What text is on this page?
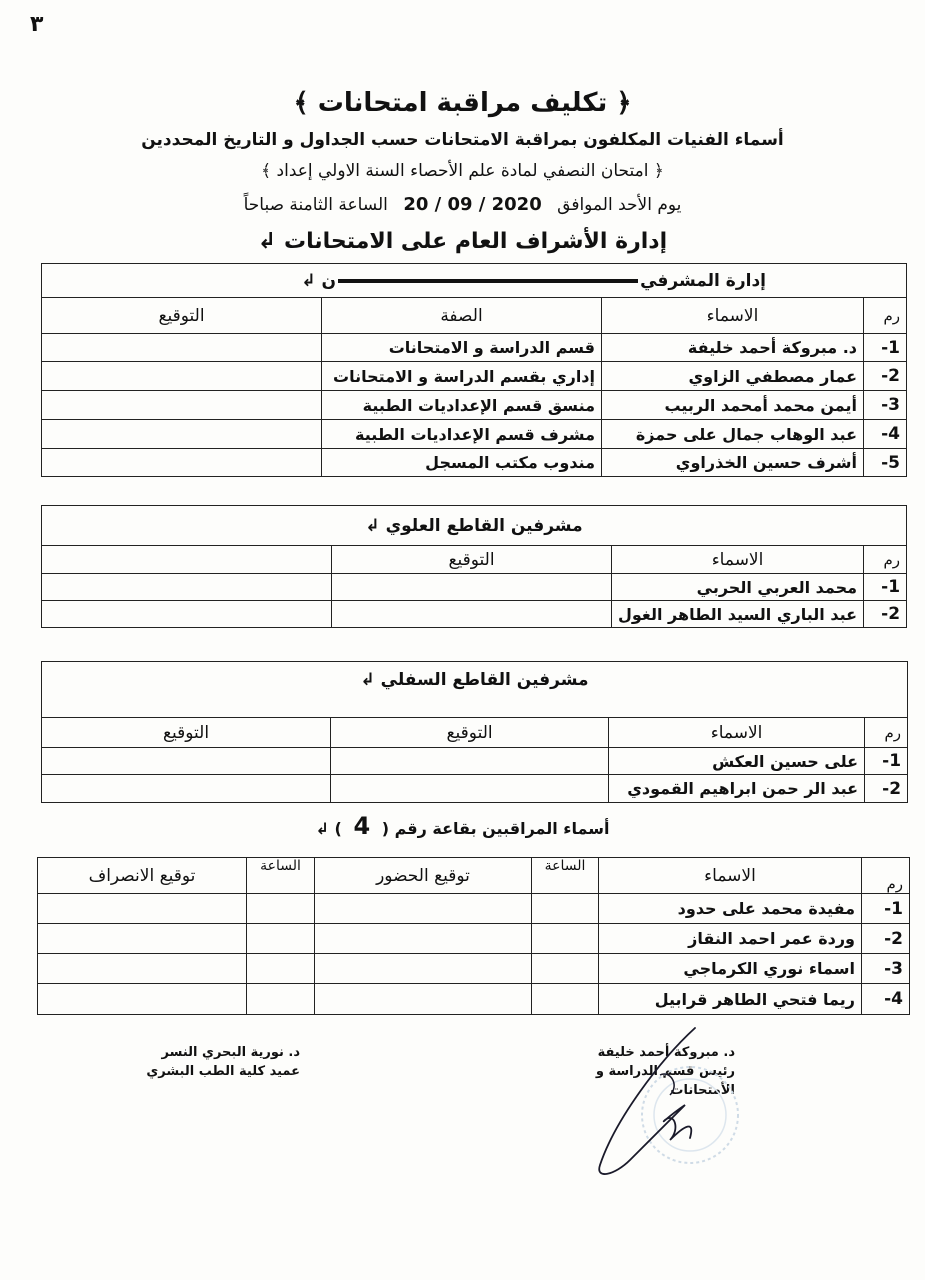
٣
﴿ تكليف مراقبة امتحانات ﴾
أسماء الفنيات المكلفون بمراقبة الامتحانات حسب الجداول و التاريخ المحددين
﴿ امتحان النصفي لمادة علم الأحصاء السنة الاولي إعداد ﴾
يوم الأحد الموافق 20 / 09 / 2020 الساعة الثامنة صباحاً
إدارة الأشراف العام على الامتحانات ↲
إدارة المشرفين ↲			
رم	الاسماء	الصفة	التوقيع
1-	د. مبروكة أحمد خليفة	قسم الدراسة و الامتحانات	
2-	عمار مصطفي الزاوي	إداري بقسم الدراسة و الامتحانات	
3-	أيمن محمد أمحمد الربيب	منسق قسم الإعداديات الطبية	
4-	عبد الوهاب جمال على حمزة	مشرف قسم الإعداديات الطبية	
5-	أشرف حسين الخذراوي	مندوب مكتب المسجل	
مشرفين القاطع العلوي ↲			
رم	الاسماء	التوقيع	
1-	محمد العربي الحربي		
2-	عبد الباري السيد الطاهر الغول		
مشرفين القاطع السفلي ↲			
رم	الاسماء	التوقيع	التوقيع
1-	على حسين العكش		
2-	عبد الر حمن ابراهيم القمودي		
أسماء المراقبين بقاعة رقم ( 4 ) ↲
رم	الاسماء	الساعة	توقيع الحضور	الساعة	توقيع الانصراف
1-	مفيدة محمد على حدود				
2-	وردة عمر احمد النقاز				
3-	اسماء نوري الكرماجي				
4-	ريما فتحي الطاهر قرابيل				
د. نورية البحري النسر
عميد كلية الطب البشري
د. مبروكة أحمد خليفة
رئيس قسم الدراسة و الأمتحانات
